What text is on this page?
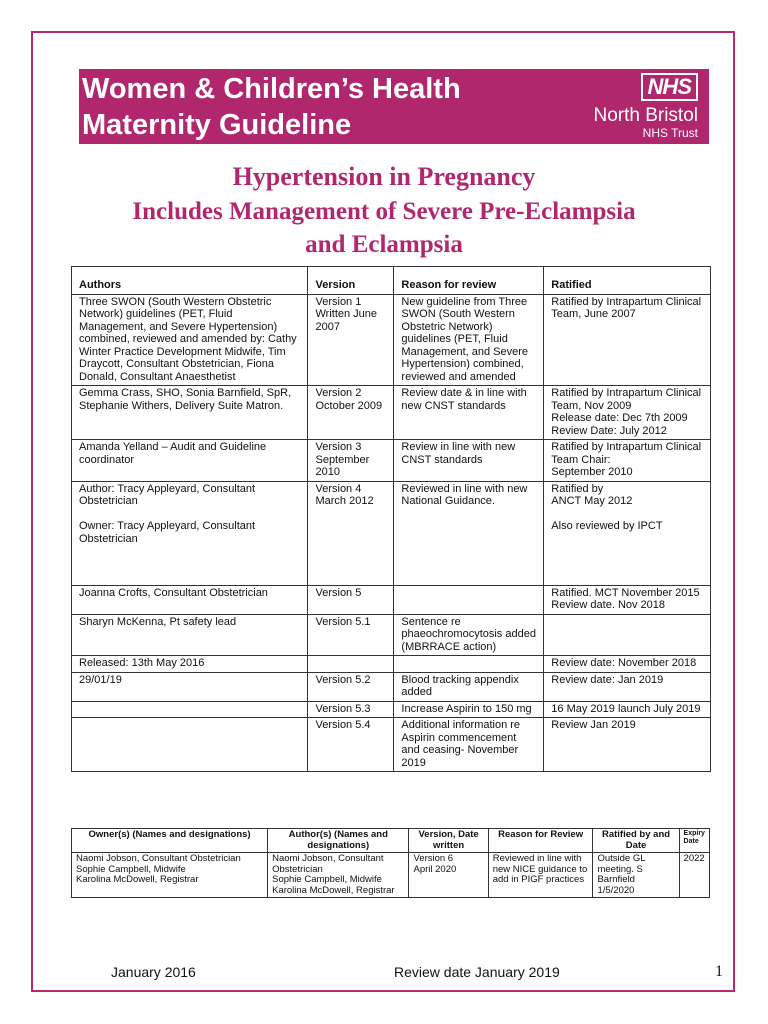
Women & Children’s Health
Maternity Guideline
NHS
North Bristol
NHS Trust
Hypertension in Pregnancy
Includes Management of Severe Pre-Eclampsia
and Eclampsia
Authors	Version	Reason for review	Ratified
Three SWON (South Western Obstetric Network) guidelines (PET, Fluid Management, and Severe Hypertension) combined, reviewed and amended by: Cathy Winter Practice Development Midwife, Tim Draycott, Consultant Obstetrician, Fiona Donald, Consultant Anaesthetist	Version 1
Written June 2007	New guideline from Three SWON (South Western Obstetric Network) guidelines (PET, Fluid Management, and Severe Hypertension) combined, reviewed and amended	Ratified by Intrapartum Clinical Team, June 2007
Gemma Crass, SHO, Sonia Barnfield, SpR,
Stephanie Withers, Delivery Suite Matron.	Version 2
October 2009	Review date & in line with new CNST standards	Ratified by Intrapartum Clinical Team, Nov 2009
Release date: Dec 7th 2009
Review Date: July 2012
Amanda Yelland – Audit and Guideline coordinator	Version 3
September 2010	Review in line with new CNST standards	Ratified by Intrapartum Clinical Team Chair:
September 2010
Author: Tracy Appleyard, Consultant Obstetrician

Owner: Tracy Appleyard, Consultant Obstetrician	Version 4
March 2012	Reviewed in line with new National Guidance.	Ratified by
ANCT May 2012

Also reviewed by IPCT
Joanna Crofts, Consultant Obstetrician	Version 5		Ratified. MCT November 2015
Review date. Nov 2018
Sharyn McKenna, Pt safety lead	Version 5.1	Sentence re phaeochromocytosis added (MBRRACE action)	
Released: 13th May 2016			Review date: November 2018
29/01/19	Version 5.2	Blood tracking appendix added	Review date: Jan 2019
	Version 5.3	Increase Aspirin to 150 mg	16 May 2019 launch July 2019
	Version 5.4	Additional information re Aspirin commencement and ceasing- November 2019	Review Jan 2019
Owner(s) (Names and designations)	Author(s) (Names and designations)	Version, Date written	Reason for Review	Ratified by and Date	Expiry Date
Naomi Jobson, Consultant Obstetrician
Sophie Campbell, Midwife
Karolina McDowell, Registrar	Naomi Jobson, Consultant Obstetrician
Sophie Campbell, Midwife
Karolina McDowell, Registrar	Version 6
April 2020	Reviewed in line with new NICE guidance to add in PIGF practices	Outside GL meeting. S Barnfield
1/5/2020	2022
January 2016	Review date January 2019	1
